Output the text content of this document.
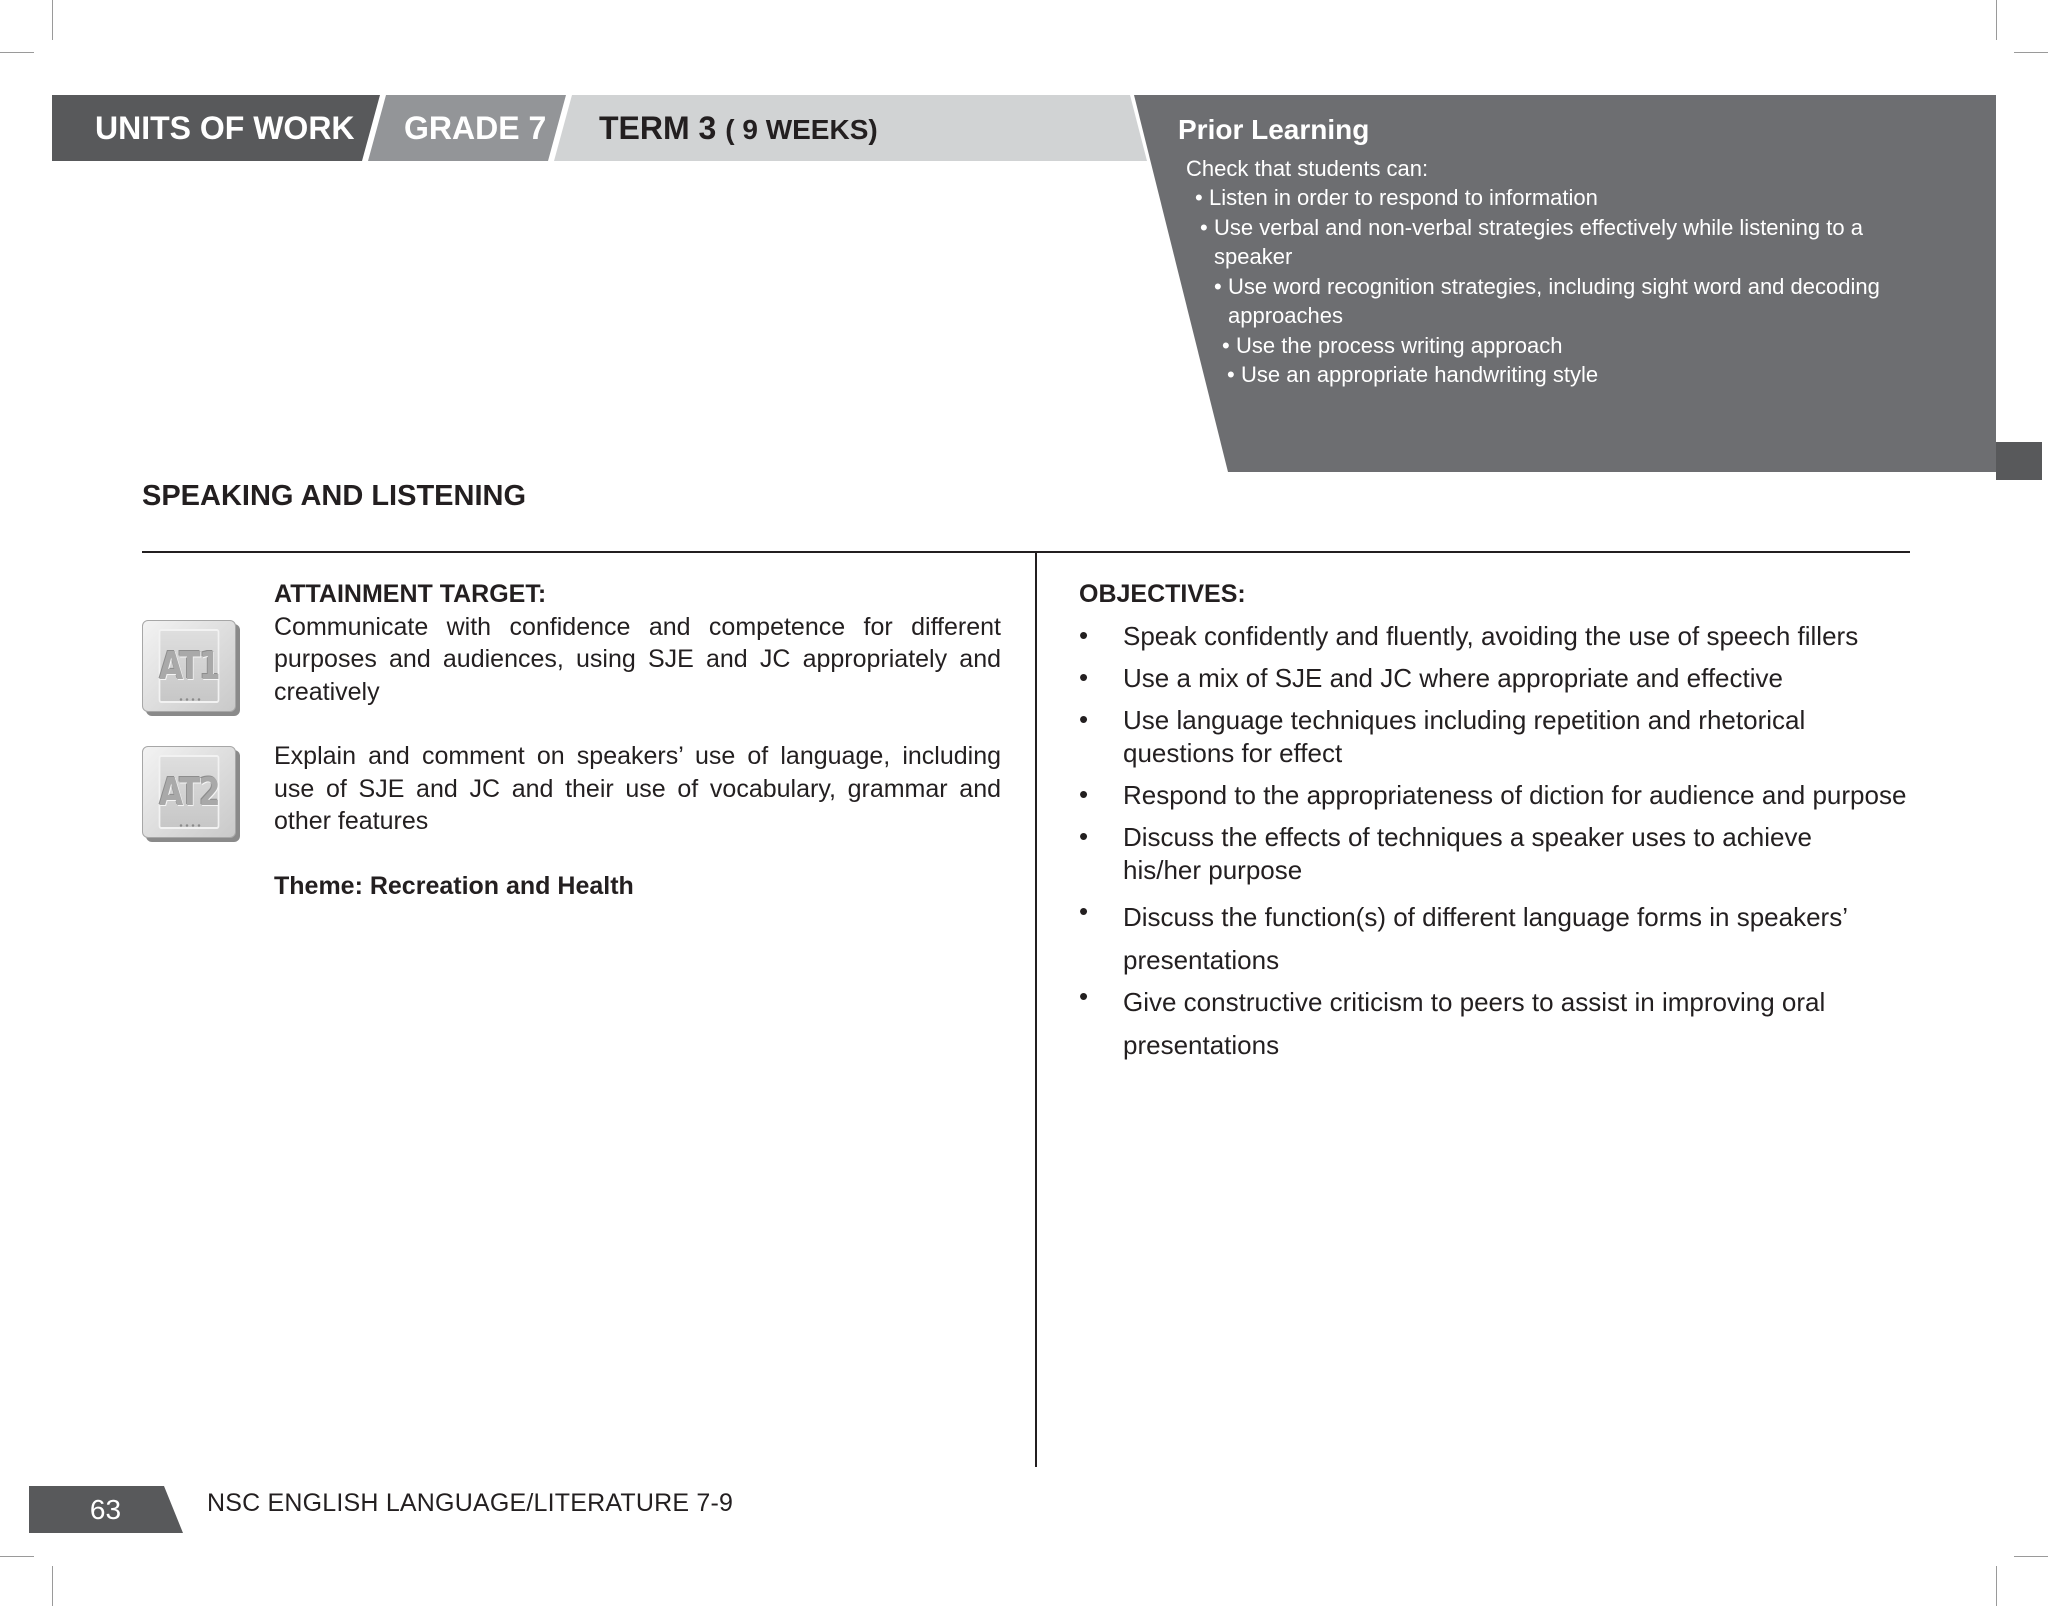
UNITS OF WORK GRADE 7 TERM 3 ( 9 WEEKS)	Prior Learning
Check that students can:
• Listen in order to respond to information
• Use verbal and non-verbal strategies effectively while listening to a speaker
• Use word recognition strategies, including sight word and decoding approaches
• Use the process writing approach
• Use an appropriate handwriting style
SPEAKING AND LISTENING
AT1
AT2

ATTAINMENT TARGET:

Communicate with confidence and competence for different purposes and audiences, using SJE and JC appropriately and creatively

Explain and comment on speakers’ use of language, including use of SJE and JC and their use of vocabulary, grammar and other features

Theme: Recreation and Health

OBJECTIVES:
•	Speak confidently and fluently, avoiding the use of speech fillers
•	Use a mix of SJE and JC where appropriate and effective
•	Use language techniques including repetition and rhetorical questions for effect
•	Respond to the appropriateness of diction for audience and purpose
•	Discuss the effects of techniques a speaker uses to achieve his/her purpose
•	Discuss the function(s) of different language forms in speakers’ presentations
•	Give constructive criticism to peers to assist in improving oral presentations
63	NSC ENGLISH LANGUAGE/LITERATURE 7-9
